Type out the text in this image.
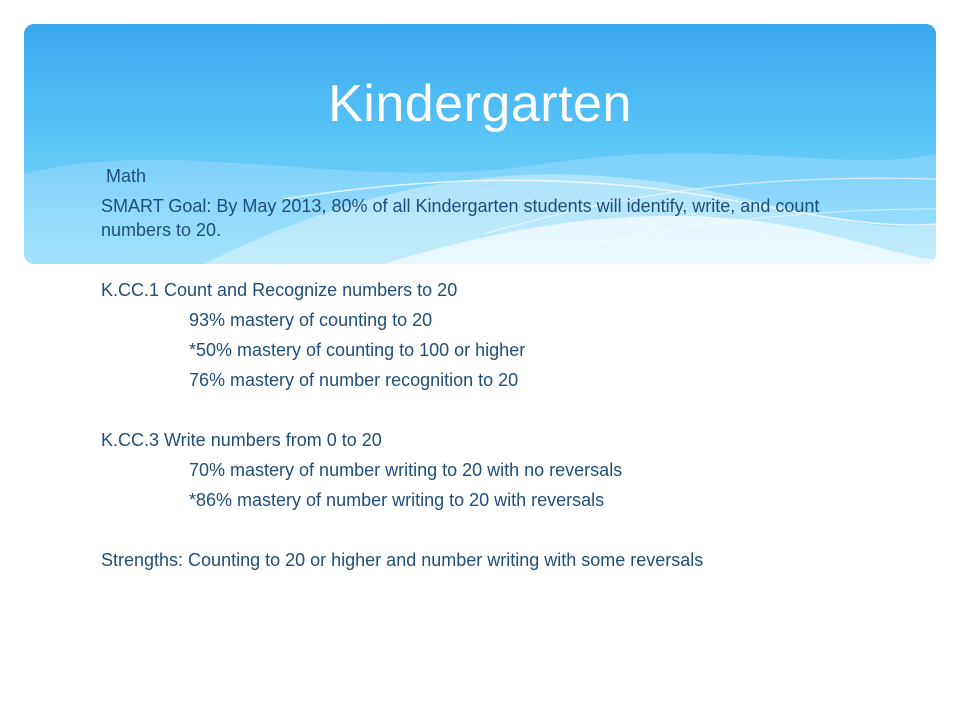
Kindergarten

Math

SMART Goal: By May 2013, 80% of all Kindergarten students will identify, write, and count numbers to 20.

K.CC.1 Count and Recognize numbers to 20

93% mastery of counting to 20

*50% mastery of counting to 100 or higher

76% mastery of number recognition to 20

K.CC.3 Write numbers from 0 to 20

70% mastery of number writing to 20 with no reversals

*86% mastery of number writing to 20 with reversals

Strengths: Counting to 20 or higher and number writing with some reversals
